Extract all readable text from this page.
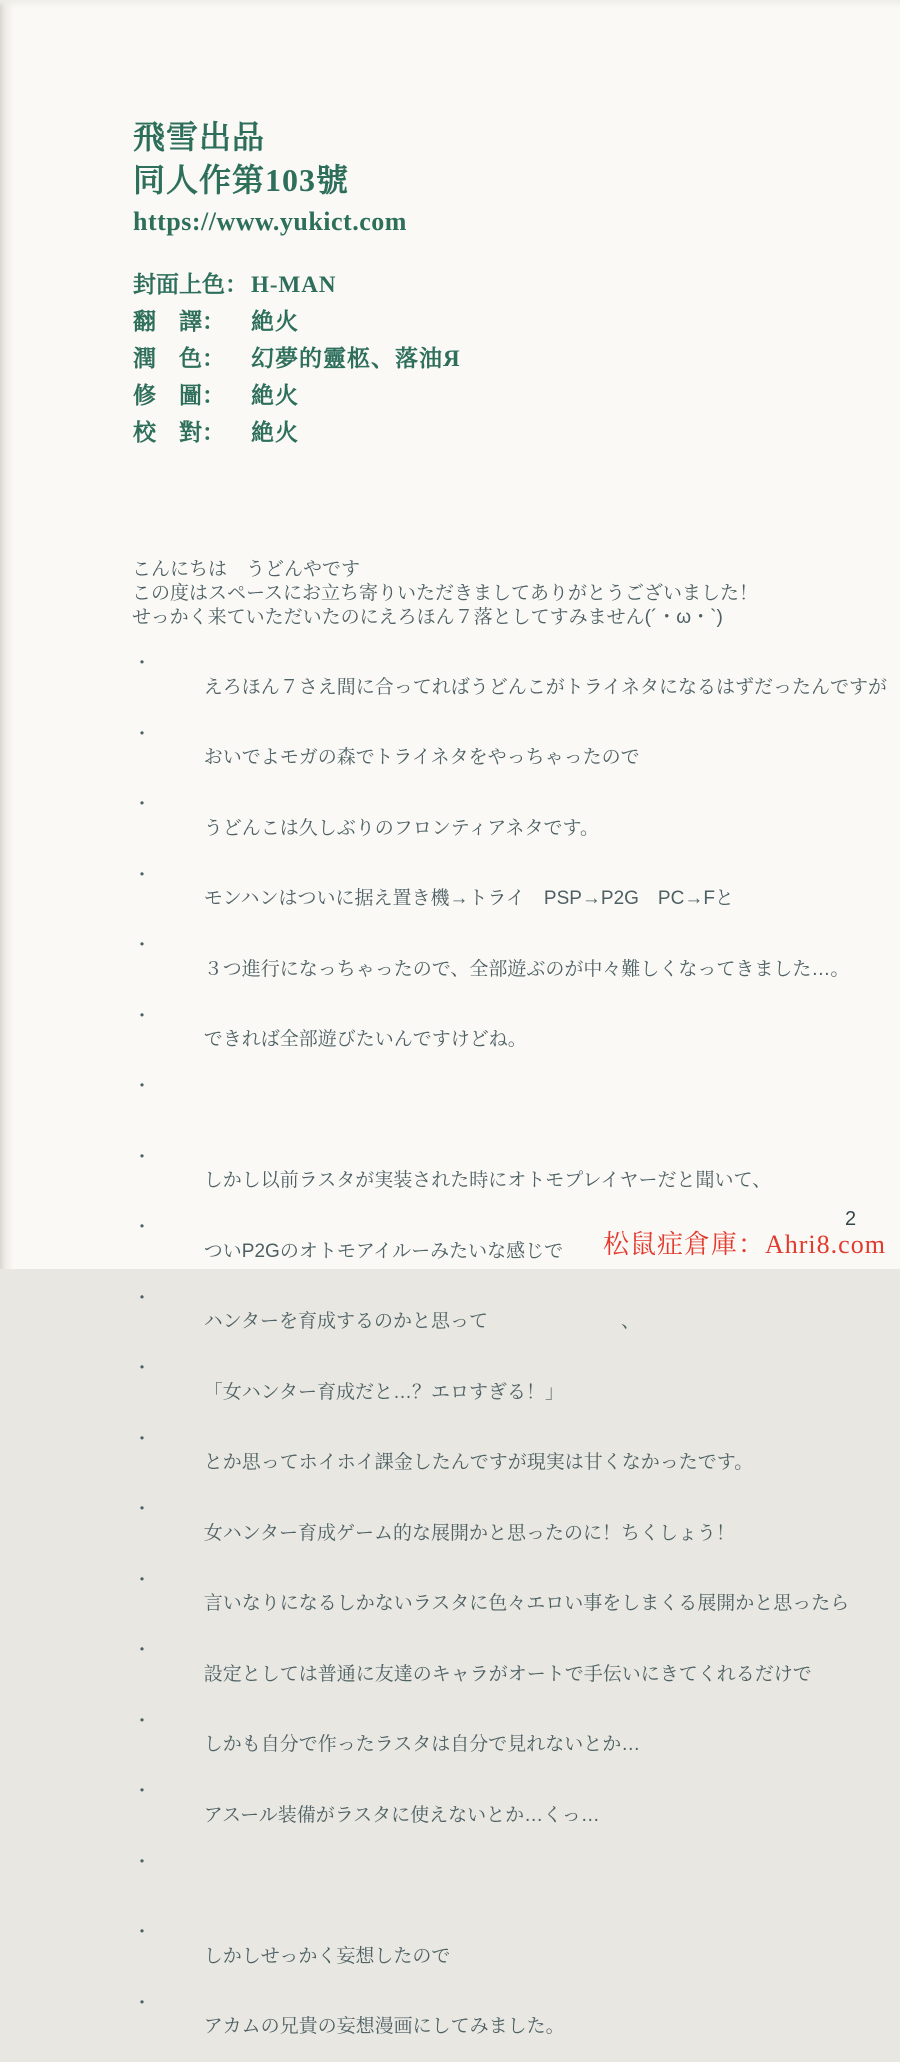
飛雪出品
同人作第103號
https://www.yukict.com
封面上色： H-MAN
翻　譯： 絶火
潤　色： 幻夢的靈柩、落油Я
修　圖： 絶火
校　對： 絶火
こんにちは　うどんやです
この度はスペースにお立ち寄りいただきましてありがとうございました！
せっかく来ていただいたのにえろほん７落としてすみません(´・ω・`)

・
えろほん７さえ間に合ってればうどんこがトライネタになるはずだったんですが

・
おいでよモガの森でトライネタをやっちゃったので

・
うどんこは久しぶりのフロンティアネタです。

・
モンハンはついに据え置き機→トライ　PSP→P2G　PC→Fと

・
３つ進行になっちゃったので、全部遊ぶのが中々難しくなってきました…。

・
できれば全部遊びたいんですけどね。

・

・
しかし以前ラスタが実装された時にオトモプレイヤーだと聞いて、

・
ついP2Gのオトモアイルーみたいな感じで

・
ハンターを育成するのかと思って　　　　　　　、

・
「女ハンター育成だと…？エロすぎる！」

・
とか思ってホイホイ課金したんですが現実は甘くなかったです。

・
女ハンター育成ゲーム的な展開かと思ったのに！ちくしょう！

・
言いなりになるしかないラスタに色々エロい事をしまくる展開かと思ったら

・
設定としては普通に友達のキャラがオートで手伝いにきてくれるだけで

・
しかも自分で作ったラスタは自分で見れないとか…

・
アスール装備がラスタに使えないとか…くっ…

・

・
しかしせっかく妄想したので

・
アカムの兄貴の妄想漫画にしてみました。

2
松鼠症倉庫：Ahri8.com
